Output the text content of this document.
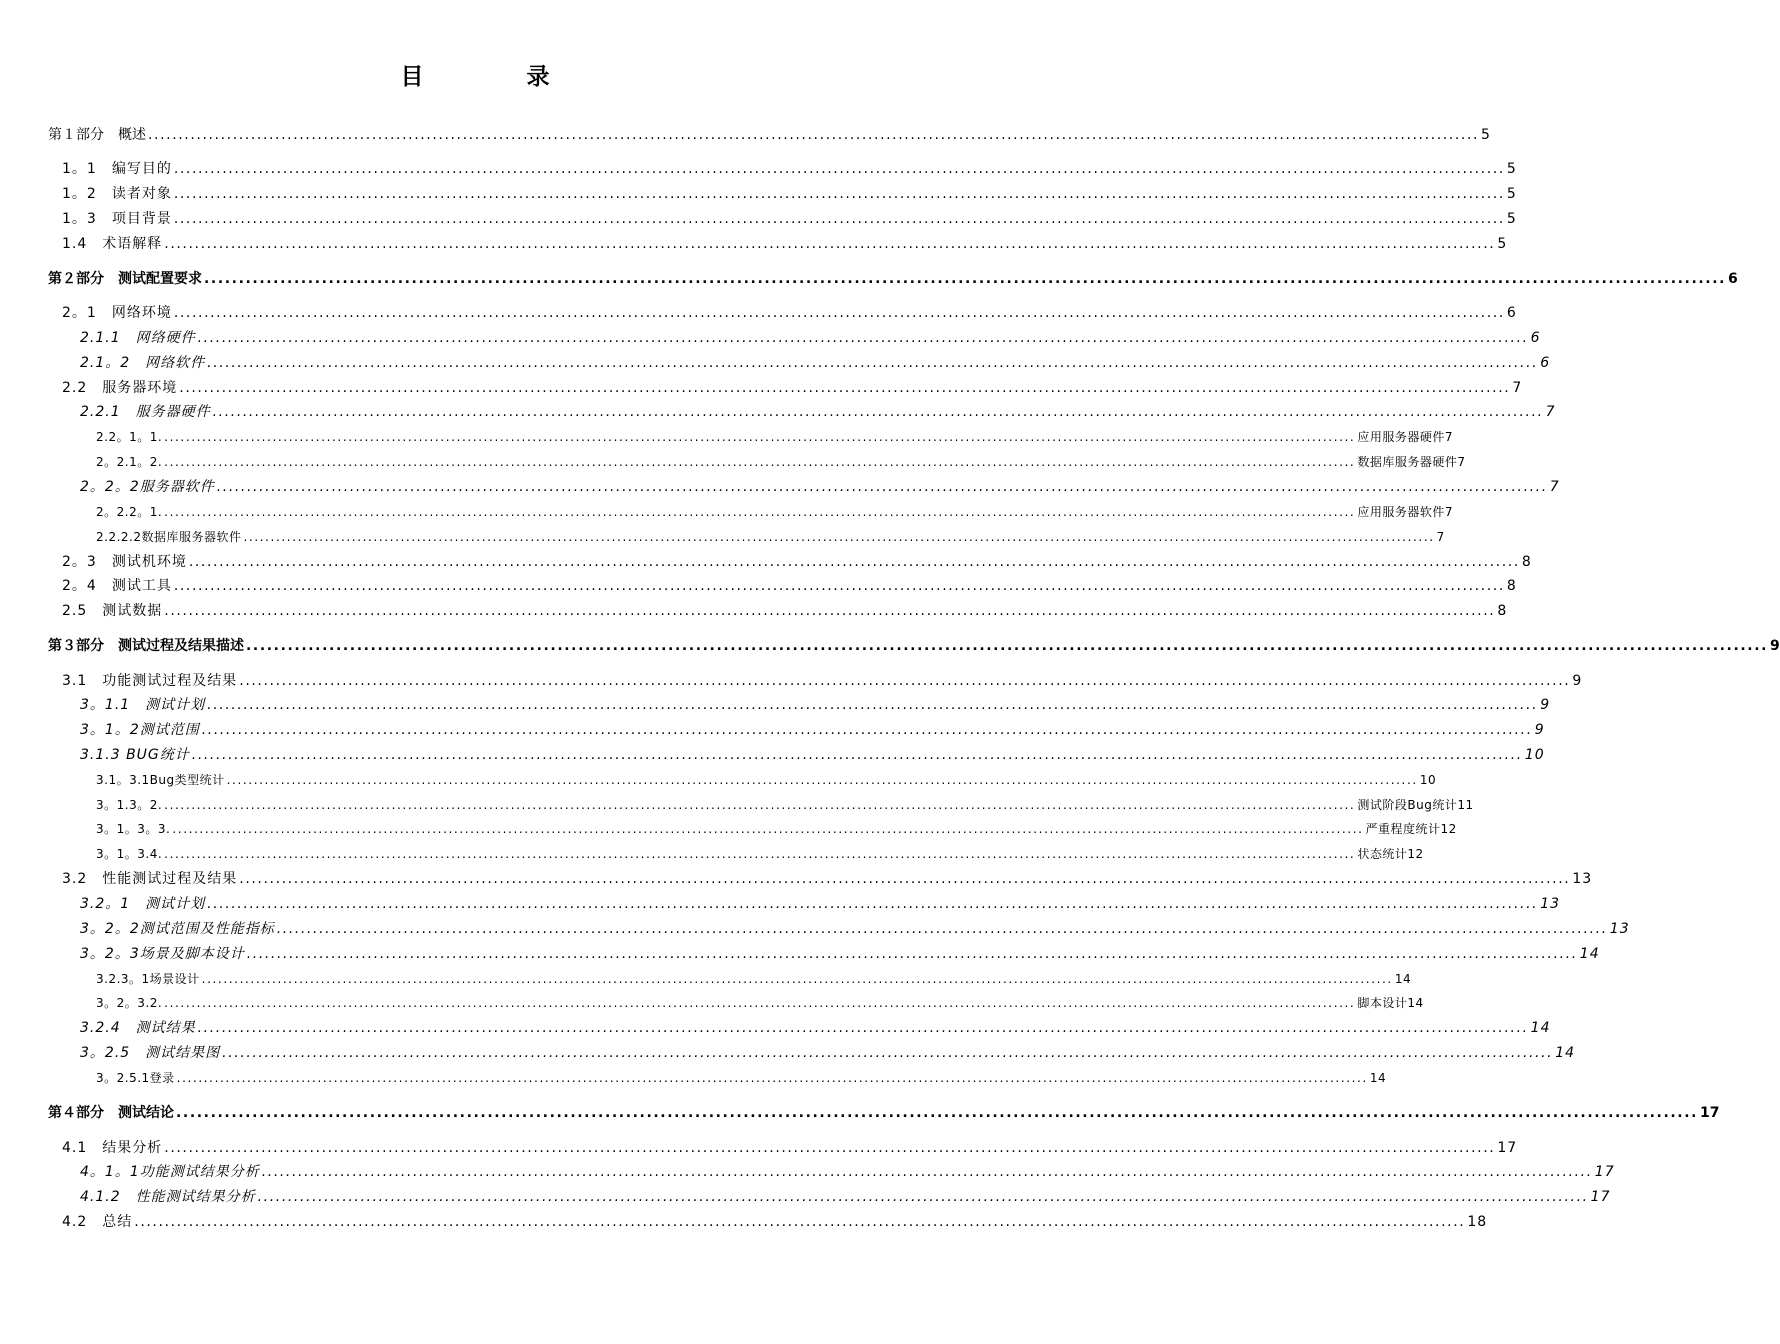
目　录
第１部分　概述 ............................................................................................................................................................................................................................ 5
1。1　编写目的 ............................................................................................................................................................................................................................ 5
1。2　读者对象 ............................................................................................................................................................................................................................ 5
1。3　项目背景 ............................................................................................................................................................................................................................ 5
1.4　术语解释 ............................................................................................................................................................................................................................ 5
第２部分　测试配置要求 ............................................................................................................................................................................................................................ 6
2。1　网络环境 ............................................................................................................................................................................................................................ 6
2.1.1　网络硬件 ............................................................................................................................................................................................................................ 6
2.1。2　网络软件 ............................................................................................................................................................................................................................ 6
2.2　服务器环境 ............................................................................................................................................................................................................................ 7
2.2.1　服务器硬件 ............................................................................................................................................................................................................................ 7
2.2。1。1. ............................................................................................................................................................................................................................ 应用服务器硬件7
2。2.1。2. ............................................................................................................................................................................................................................ 数据库服务器硬件7
2。2。2服务器软件 ............................................................................................................................................................................................................................ 7
2。2.2。1. ............................................................................................................................................................................................................................ 应用服务器软件7
2.2.2.2数据库服务器软件 ............................................................................................................................................................................................................................ 7
2。3　测试机环境 ............................................................................................................................................................................................................................ 8
2。4　测试工具 ............................................................................................................................................................................................................................ 8
2.5　测试数据 ............................................................................................................................................................................................................................ 8
第３部分　测试过程及结果描述 ............................................................................................................................................................................................................................ 9
3.1　功能测试过程及结果 ............................................................................................................................................................................................................................ 9
3。1.1　测试计划 ............................................................................................................................................................................................................................ 9
3。1。2测试范围 ............................................................................................................................................................................................................................ 9
3.1.3 BUG统计 ............................................................................................................................................................................................................................ 10
3.1。3.1Bug类型统计 ............................................................................................................................................................................................................................ 10
3。1.3。2. ............................................................................................................................................................................................................................ 测试阶段Bug统计11
3。1。3。3. ............................................................................................................................................................................................................................ 严重程度统计12
3。1。3.4. ............................................................................................................................................................................................................................ 状态统计12
3.2　性能测试过程及结果 ............................................................................................................................................................................................................................ 13
3.2。1　测试计划 ............................................................................................................................................................................................................................ 13
3。2。2测试范围及性能指标 ............................................................................................................................................................................................................................ 13
3。2。3场景及脚本设计 ............................................................................................................................................................................................................................ 14
3.2.3。1场景设计 ............................................................................................................................................................................................................................ 14
3。2。3.2. ............................................................................................................................................................................................................................ 脚本设计14
3.2.4　测试结果 ............................................................................................................................................................................................................................ 14
3。2.5　测试结果图 ............................................................................................................................................................................................................................ 14
3。2.5.1登录 ............................................................................................................................................................................................................................ 14
第４部分　测试结论 ............................................................................................................................................................................................................................ 17
4.1　结果分析 ............................................................................................................................................................................................................................ 17
4。1。1功能测试结果分析 ............................................................................................................................................................................................................................ 17
4.1.2　性能测试结果分析 ............................................................................................................................................................................................................................ 17
4.2　总结 ............................................................................................................................................................................................................................ 18
